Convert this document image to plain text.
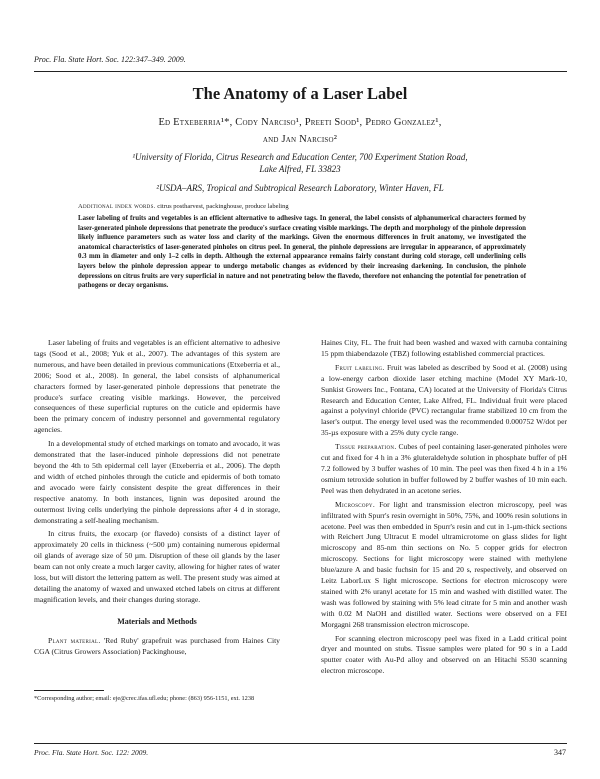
Proc. Fla. State Hort. Soc. 122:347–349. 2009.
The Anatomy of a Laser Label
Ed Etxeberria¹*, Cody Narciso¹, Preeti Sood¹, Pedro Gonzalez¹,
and Jan Narciso²
¹University of Florida, Citrus Research and Education Center, 700 Experiment Station Road,
Lake Alfred, FL 33823
²USDA–ARS, Tropical and Subtropical Research Laboratory, Winter Haven, FL
Additional index words. citrus postharvest, packinghouse, produce labeling
Laser labeling of fruits and vegetables is an efficient alternative to adhesive tags. In general, the label consists of alphanumerical characters formed by laser-generated pinhole depressions that penetrate the produce's surface creating visible markings. The depth and morphology of the pinhole depression likely influence parameters such as water loss and clarity of the markings. Given the enormous differences in fruit anatomy, we investigated the anatomical characteristics of laser-generated pinholes on citrus peel. In general, the pinhole depressions are irregular in appearance, of approximately 0.3 mm in diameter and only 1–2 cells in depth. Although the external appearance remains fairly constant during cold storage, cell underlining cells layers below the pinhole depression appear to undergo metabolic changes as evidenced by their increasing darkening. In conclusion, the pinhole depressions on citrus fruits are very superficial in nature and not penetrating below the flavedo, therefore not enhancing the potential for penetration of pathogens or decay organisms.

Laser labeling of fruits and vegetables is an efficient alternative to adhesive tags (Sood et al., 2008; Yuk et al., 2007). The advantages of this system are numerous, and have been detailed in previous communications (Etxeberria et al., 2006; Sood et al., 2008). In general, the label consists of alphanumerical characters formed by laser-generated pinhole depressions that penetrate the produce's surface creating visible markings. However, the perceived consequences of these superficial ruptures on the cuticle and epidermis have been the primary concern of industry personnel and governmental regulatory agencies.

In a developmental study of etched markings on tomato and avocado, it was demonstrated that the laser-induced pinhole depressions did not penetrate beyond the 4th to 5th epidermal cell layer (Etxeberria et al., 2006). The depth and width of etched pinholes through the cuticle and epidermis of both tomato and avocado were fairly consistent despite the great differences in their respective anatomy. In both instances, lignin was deposited around the outermost living cells underlying the pinhole depressions after 4 d in storage, demonstrating a self-healing mechanism.

In citrus fruits, the exocarp (or flavedo) consists of a distinct layer of approximately 20 cells in thickness (~500 µm) containing numerous epidermal oil glands of average size of 50 µm. Disruption of these oil glands by the laser beam can not only create a much larger cavity, allowing for higher rates of water loss, but will distort the lettering pattern as well. The present study was aimed at detailing the anatomy of waxed and unwaxed etched labels on citrus at different magnification levels, and their changes during storage.

Materials and Methods

Plant material. 'Red Ruby' grapefruit was purchased from Haines City CGA (Citrus Growers Association) Packinghouse,

Haines City, FL. The fruit had been washed and waxed with carnuba containing 15 ppm thiabendazole (TBZ) following established commercial practices.

Fruit labeling. Fruit was labeled as described by Sood et al. (2008) using a low-energy carbon dioxide laser etching machine (Model XY Mark-10, Sunkist Growers Inc., Fontana, CA) located at the University of Florida's Citrus Research and Education Center, Lake Alfred, FL. Individual fruit were placed against a polyvinyl chloride (PVC) rectangular frame stabilized 10 cm from the laser's output. The energy level used was the recommended 0.000752 W/dot per 35-µs exposure with a 25% duty cycle range.

Tissue preparation. Cubes of peel containing laser-generated pinholes were cut and fixed for 4 h in a 3% gluteraldehyde solution in phosphate buffer of pH 7.2 followed by 3 buffer washes of 10 min. The peel was then fixed 4 h in a 1% osmium tetroxide solution in buffer followed by 2 buffer washes of 10 min each. Peel was then dehydrated in an acetone series.

Microscopy. For light and transmission electron microscopy, peel was infiltrated with Spurr's resin overnight in 50%, 75%, and 100% resin solutions in acetone. Peel was then embedded in Spurr's resin and cut in 1-µm-thick sections with Reichert Jung Ultracut E model ultramicrotome on glass slides for light microscopy and 85-nm thin sections on No. 5 copper grids for electron microscopy. Sections for light microscopy were stained with methylene blue/azure A and basic fuchsin for 15 and 20 s, respectively, and observed on Leitz LaborLux S light microscope. Sections for electron microscopy were stained with 2% uranyl acetate for 15 min and washed with distilled water. The wash was followed by staining with 5% lead citrate for 5 min and another wash with 0.02 M NaOH and distilled water. Sections were observed on a FEI Morgagni 268 transmission electron microscope.

For scanning electron microscopy peel was fixed in a Ladd critical point dryer and mounted on stubs. Tissue samples were plated for 90 s in a Ladd sputter coater with Au-Pd alloy and observed on an Hitachi S530 scanning electron microscope.

*Corresponding author; email: eje@crec.ifas.ufl.edu; phone: (863) 956-1151, ext. 1238

Proc. Fla. State Hort. Soc. 122: 2009.	347
